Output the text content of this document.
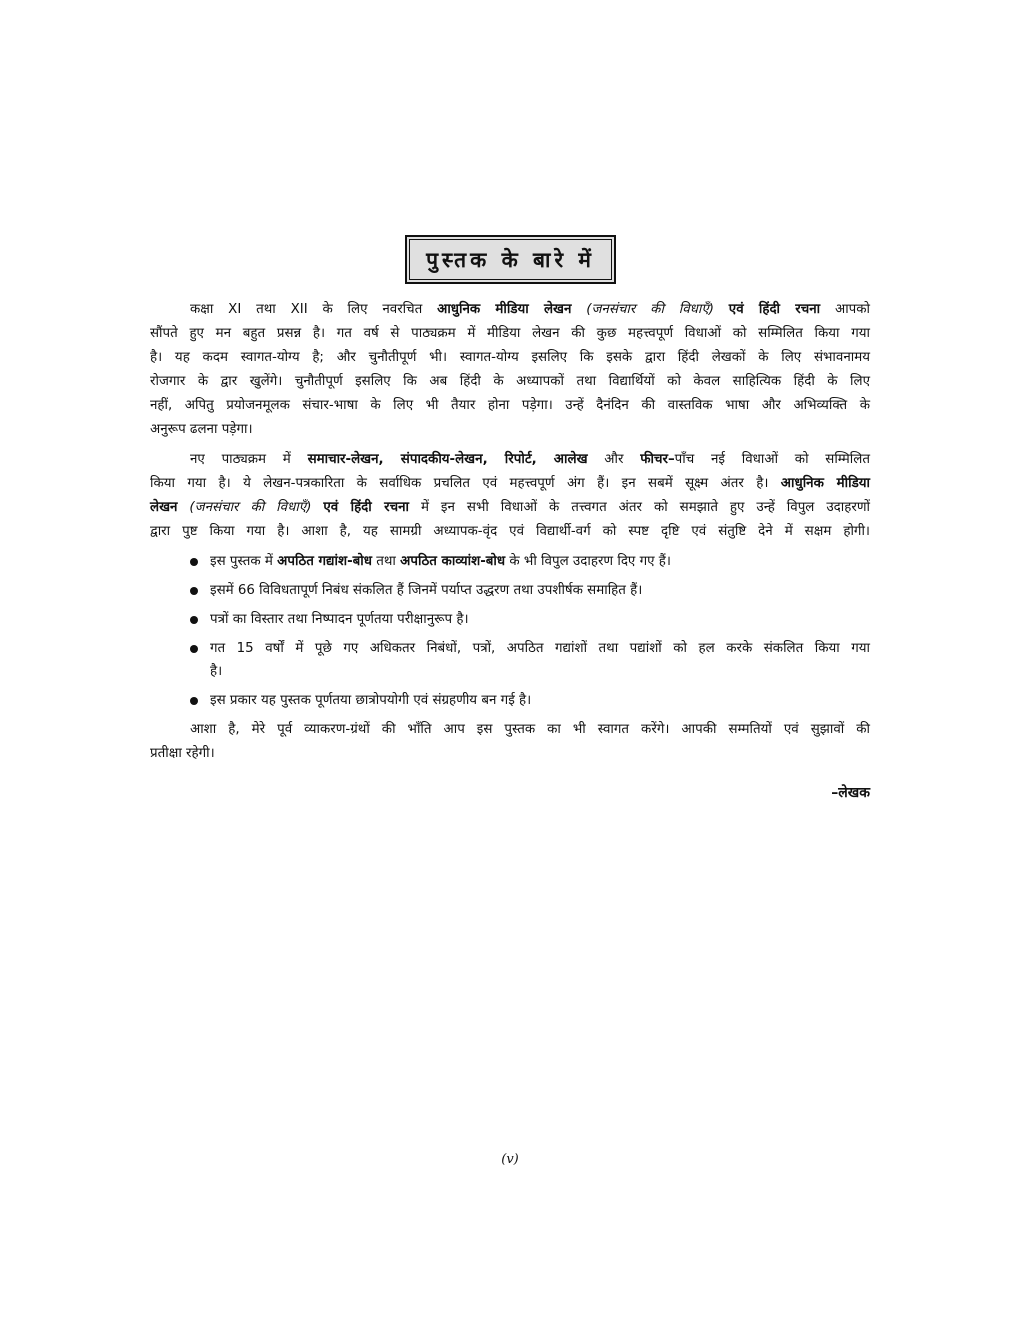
पुस्तक के बारे में
कक्षा XI तथा XII के लिए नवरचित आधुनिक मीडिया लेखन (जनसंचार की विधाएँ) एवं हिंदी रचना आपको
सौंपते हुए मन बहुत प्रसन्न है। गत वर्ष से पाठ्यक्रम में मीडिया लेखन की कुछ महत्त्वपूर्ण विधाओं को सम्मिलित किया गया
है। यह कदम स्वागत-योग्य है; और चुनौतीपूर्ण भी। स्वागत-योग्य इसलिए कि इसके द्वारा हिंदी लेखकों के लिए संभावनामय
रोजगार के द्वार खुलेंगे। चुनौतीपूर्ण इसलिए कि अब हिंदी के अध्यापकों तथा विद्यार्थियों को केवल साहित्यिक हिंदी के लिए
नहीं, अपितु प्रयोजनमूलक संचार-भाषा के लिए भी तैयार होना पड़ेगा। उन्हें दैनंदिन की वास्तविक भाषा और अभिव्यक्ति के
अनुरूप ढलना पड़ेगा।
नए पाठ्यक्रम में समाचार-लेखन, संपादकीय-लेखन, रिपोर्ट, आलेख और फीचर–पाँच नई विधाओं को सम्मिलित
किया गया है। ये लेखन-पत्रकारिता के सर्वाधिक प्रचलित एवं महत्त्वपूर्ण अंग हैं। इन सबमें सूक्ष्म अंतर है। आधुनिक मीडिया
लेखन (जनसंचार की विधाएँ) एवं हिंदी रचना में इन सभी विधाओं के तत्त्वगत अंतर को समझाते हुए उन्हें विपुल उदाहरणों
द्वारा पुष्ट किया गया है। आशा है, यह सामग्री अध्यापक-वृंद एवं विद्यार्थी-वर्ग को स्पष्ट दृष्टि एवं संतुष्टि देने में सक्षम होगी।
इस पुस्तक में अपठित गद्यांश-बोध तथा अपठित काव्यांश-बोध के भी विपुल उदाहरण दिए गए हैं।
इसमें 66 विविधतापूर्ण निबंध संकलित हैं जिनमें पर्याप्त उद्धरण तथा उपशीर्षक समाहित हैं।
पत्रों का विस्तार तथा निष्पादन पूर्णतया परीक्षानुरूप है।
गत 15 वर्षों में पूछे गए अधिकतर निबंधों, पत्रों, अपठित गद्यांशों तथा पद्यांशों को हल करके संकलित किया गया
है।
इस प्रकार यह पुस्तक पूर्णतया छात्रोपयोगी एवं संग्रहणीय बन गई है।
आशा है, मेरे पूर्व व्याकरण-ग्रंथों की भाँति आप इस पुस्तक का भी स्वागत करेंगे। आपकी सम्मतियों एवं सुझावों की
प्रतीक्षा रहेगी।
–लेखक
(v)
